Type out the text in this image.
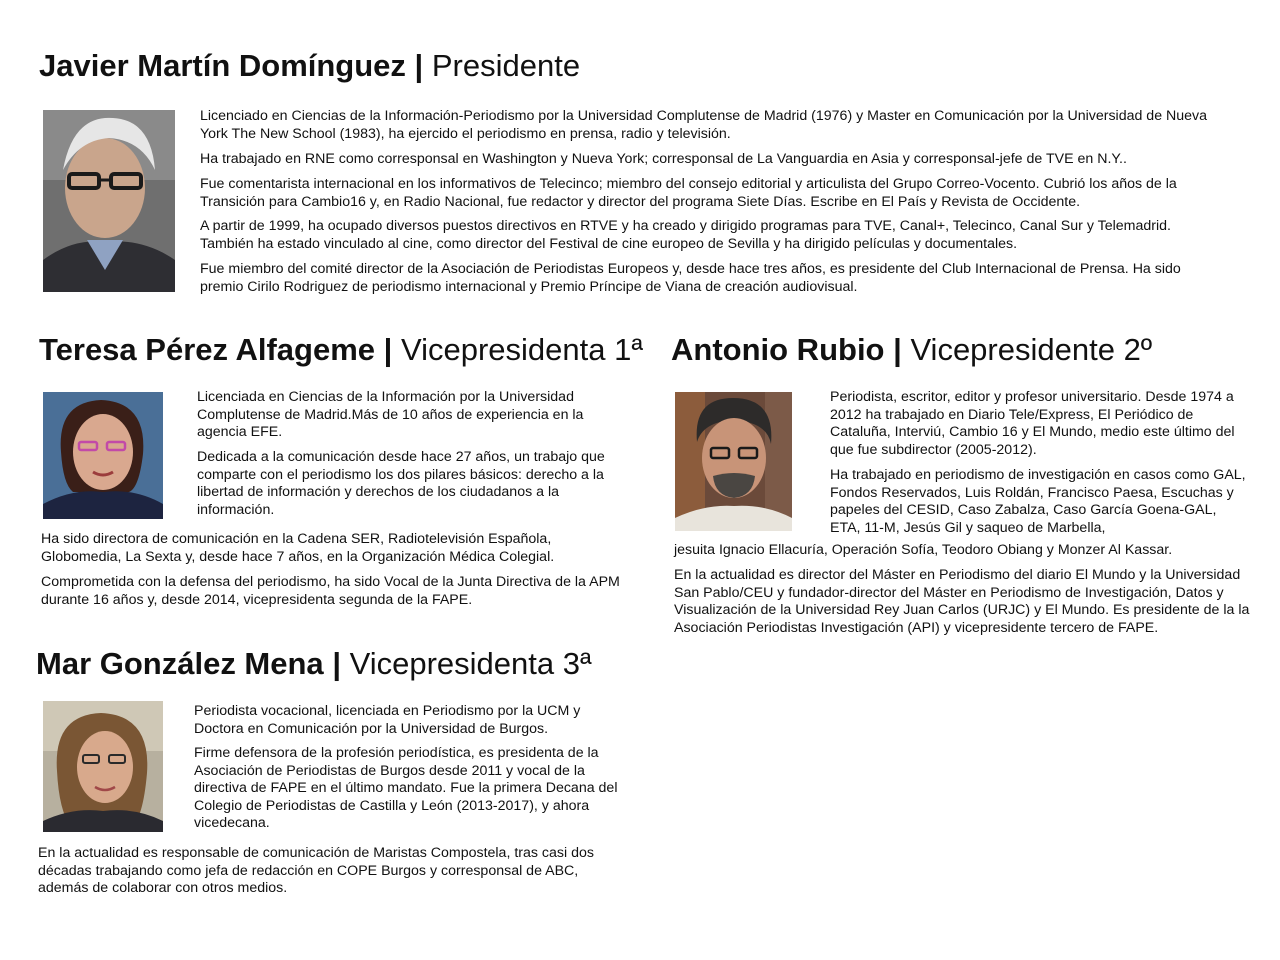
Javier Martín Domínguez | Presidente

Licenciado en Ciencias de la Información-Periodismo por la Universidad Complutense de Madrid (1976) y Master en Comunicación por la Universidad de Nueva York The New School (1983), ha ejercido el periodismo en prensa, radio y televisión.

Ha trabajado en RNE como corresponsal en Washington y Nueva York; corresponsal de La Vanguardia en Asia y corresponsal-jefe de TVE en N.Y..

Fue comentarista internacional en los informativos de Telecinco; miembro del consejo editorial y articulista del Grupo Correo-Vocento. Cubrió los años de la Transición para Cambio16 y, en Radio Nacional, fue redactor y director del programa Siete Días. Escribe en El País y Revista de Occidente.

A partir de 1999, ha ocupado diversos puestos directivos en RTVE y ha creado y dirigido programas para TVE, Canal+, Telecinco, Canal Sur y Telemadrid. También ha estado vinculado al cine, como director del Festival de cine europeo de Sevilla y ha dirigido películas y documentales.

Fue miembro del comité director de la Asociación de Periodistas Europeos y, desde hace tres años, es presidente del Club Internacional de Prensa. Ha sido premio Cirilo Rodriguez de periodismo internacional y Premio Príncipe de Viana de creación audiovisual.

Teresa Pérez Alfageme | Vicepresidenta 1ª

Licenciada en Ciencias de la Información por la Universidad Complutense de Madrid.Más de 10 años de experiencia en la agencia EFE.

Dedicada a la comunicación desde hace 27 años, un trabajo que comparte con el periodismo los dos pilares básicos: derecho a la libertad de información y derechos de los ciudadanos a la información.

Ha sido directora de comunicación en la Cadena SER, Radiotelevisión Española, Globomedia, La Sexta y, desde hace 7 años, en la Organización Médica Colegial.

Comprometida con la defensa del periodismo, ha sido Vocal de la Junta Directiva de la APM durante 16 años y, desde 2014, vicepresidenta segunda de la FAPE.

Antonio Rubio | Vicepresidente 2º

Periodista, escritor, editor y profesor universitario. Desde 1974 a 2012 ha trabajado en Diario Tele/Express, El Periódico de Cataluña, Interviú, Cambio 16 y El Mundo, medio este último del que fue subdirector (2005-2012).

Ha trabajado en periodismo de investigación en casos como GAL, Fondos Reservados, Luis Roldán, Francisco Paesa, Escuchas y papeles del CESID, Caso Zabalza, Caso García Goena-GAL, ETA, 11-M, Jesús Gil y saqueo de Marbella,

jesuita Ignacio Ellacuría, Operación Sofía, Teodoro Obiang y Monzer Al Kassar.

En la actualidad es director del Máster en Periodismo del diario El Mundo y la Universidad San Pablo/CEU y fundador-director del Máster en Periodismo de Investigación, Datos y Visualización de la Universidad Rey Juan Carlos (URJC) y El Mundo. Es presidente de la la Asociación Periodistas Investigación (API) y vicepresidente tercero de FAPE.

Mar González Mena | Vicepresidenta 3ª

Periodista vocacional, licenciada en Periodismo por la UCM y Doctora en Comunicación por la Universidad de Burgos.

Firme defensora de la profesión periodística, es presidenta de la Asociación de Periodistas de Burgos desde 2011 y vocal de la directiva de FAPE en el último mandato. Fue la primera Decana del Colegio de Periodistas de Castilla y León (2013-2017), y ahora vicedecana.

En la actualidad es responsable de comunicación de Maristas Compostela, tras casi dos décadas trabajando como jefa de redacción en COPE Burgos y corresponsal de ABC, además de colaborar con otros medios.
